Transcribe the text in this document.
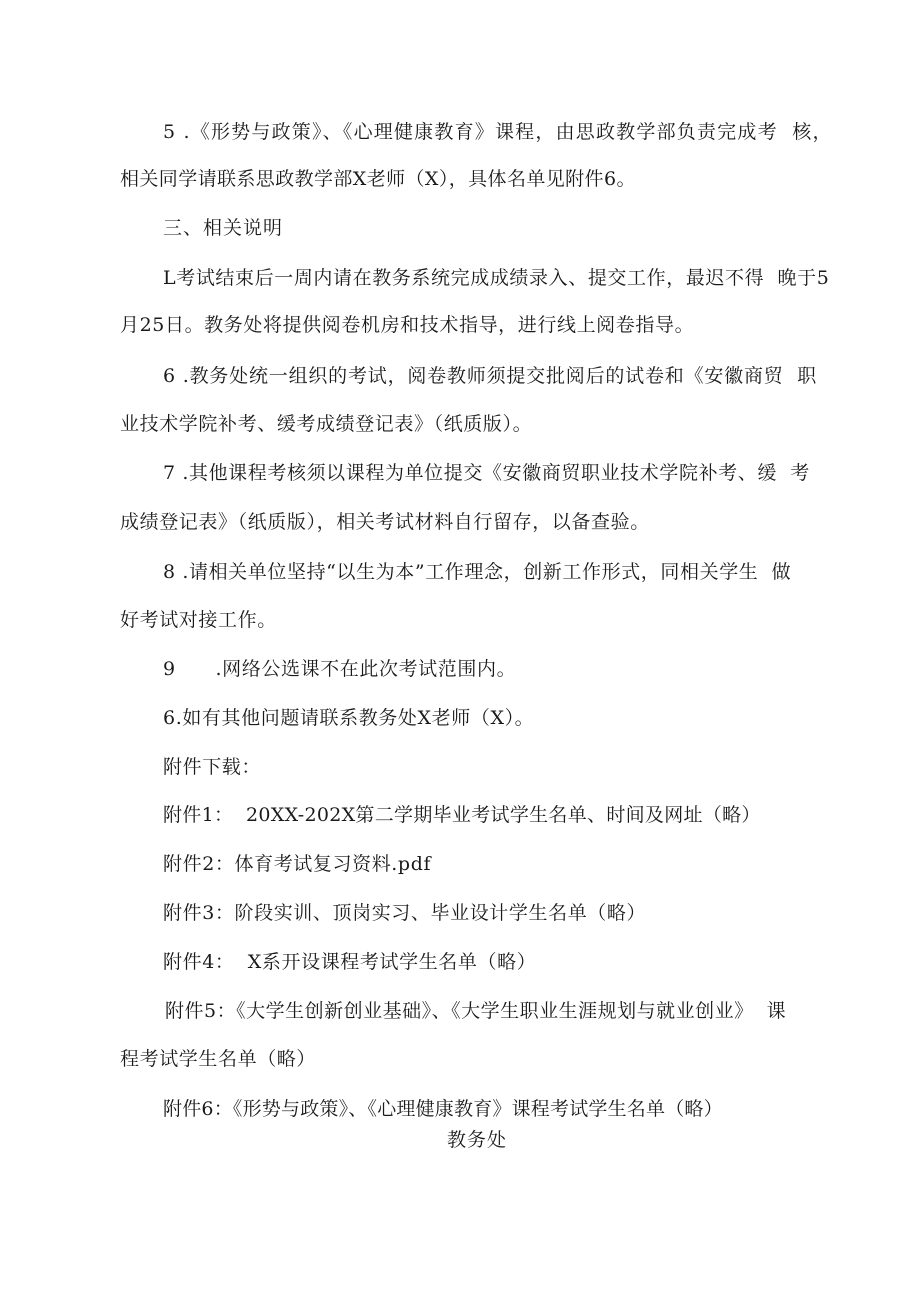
5 .《形势与政策》、《心理健康教育》课程，由思政教学部负责完成考  核，
相关同学请联系思政教学部X老师（X），具体名单见附件6。
三、相关说明
L考试结束后一周内请在教务系统完成成绩录入、提交工作，最迟不得  晚于5
月25日。教务处将提供阅卷机房和技术指导，进行线上阅卷指导。
6 .教务处统一组织的考试，阅卷教师须提交批阅后的试卷和《安徽商贸  职
业技术学院补考、缓考成绩登记表》（纸质版）。
7 .其他课程考核须以课程为单位提交《安徽商贸职业技术学院补考、缓  考
成绩登记表》（纸质版），相关考试材料自行留存，以备查验。
8 .请相关单位坚持“以生为本”工作理念，创新工作形式，同相关学生  做
好考试对接工作。
9      .网络公选课不在此次考试范围内。
6.如有其他问题请联系教务处X老师（X）。
附件下载：
附件1：  20XX-202X第二学期毕业考试学生名单、时间及网址（略）
附件2：体育考试复习资料.pdf
附件3：阶段实训、顶岗实习、毕业设计学生名单（略）
附件4：  X系开设课程考试学生名单（略）
附件5：《大学生创新创业基础》、《大学生职业生涯规划与就业创业》  课
程考试学生名单（略）
附件6：《形势与政策》、《心理健康教育》课程考试学生名单（略）
教务处
